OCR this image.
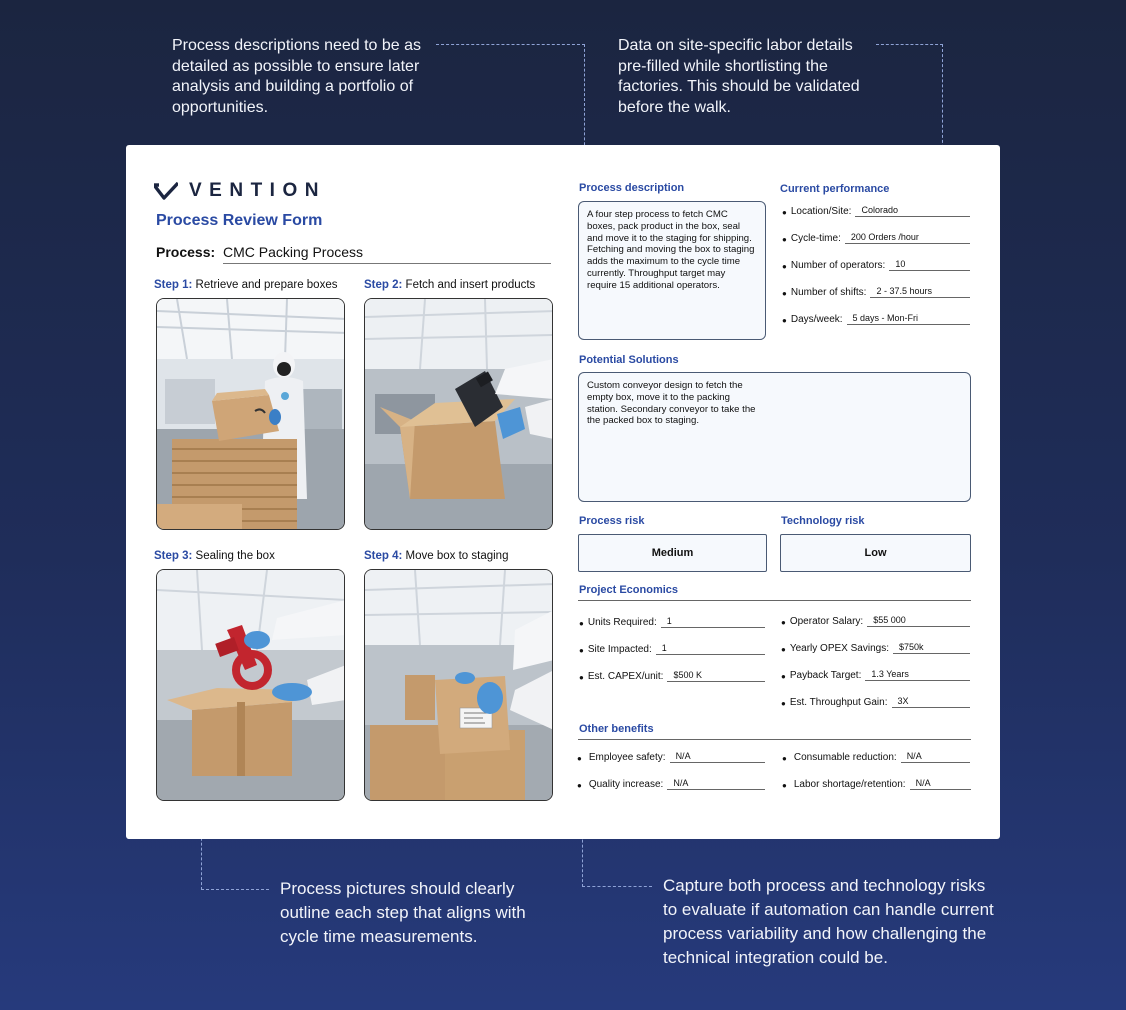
Process descriptions need to be as detailed as possible to ensure later analysis and building a portfolio of opportunities.
Data on site-specific labor details pre-filled while shortlisting the factories. This should be validated before the walk.
Process pictures should clearly outline each step that aligns with cycle time measurements.
Capture both process and technology risks to evaluate if automation can handle current process variability and how challenging the technical integration could be.
VENTION
Process Review Form
Process: CMC Packing Process
Step 1: Retrieve and prepare boxes Step 2: Fetch and insert products
Step 3: Sealing the box	Step 4: Move box to staging
Process description
A four step process to fetch CMC boxes, pack product in the box, seal and move it to the staging for shipping. Fetching and moving the box to staging adds the maximum to the cycle time currently. Throughput target may require 15 additional operators.
Current performance
● Location/Site:	Colorado
● Cycle-time:	200 Orders /hour
● Number of operators:	10
● Number of shifts:	2 - 37.5 hours
● Days/week:	5 days - Mon-Fri
Potential Solutions
Custom conveyor design to fetch the empty box, move it to the packing station. Secondary conveyor to take the the packed box to staging.
Process risk
Medium
Technology risk
Low
Project Economics
● Units Required:	1
● Site Impacted:	1
● Est. CAPEX/unit:	$500 K
● Operator Salary:	$55 000
● Yearly OPEX Savings:	$750k
● Payback Target:	1.3 Years
● Est. Throughput Gain:	3X
Other benefits
● Employee safety:	N/A
● Quality increase:	N/A
● Consumable reduction:	N/A
● Labor shortage/retention:	N/A
